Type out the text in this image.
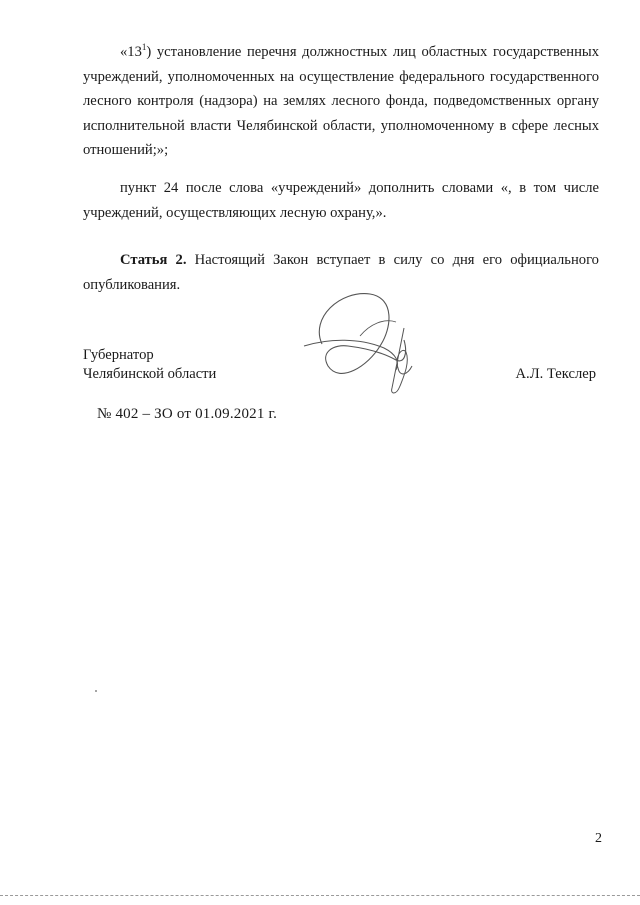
«$13^1$) установление перечня должностных лиц областных государственных учреждений, уполномоченных на осуществление федерального государственного лесного контроля (надзора) на землях лесного фонда, подведомственных органу исполнительной власти Челябинской области, уполномоченному в сфере лесных отношений;»;

пункт 24 после слова «учреждений» дополнить словами «, в том числе учреждений, осуществляющих лесную охрану,».

Статья 2. Настоящий Закон вступает в силу со дня его официального опубликования.

Губернатор
Челябинской области	А.Л. Текслер
№ 402 – ЗО от 01.09.2021 г.
2
